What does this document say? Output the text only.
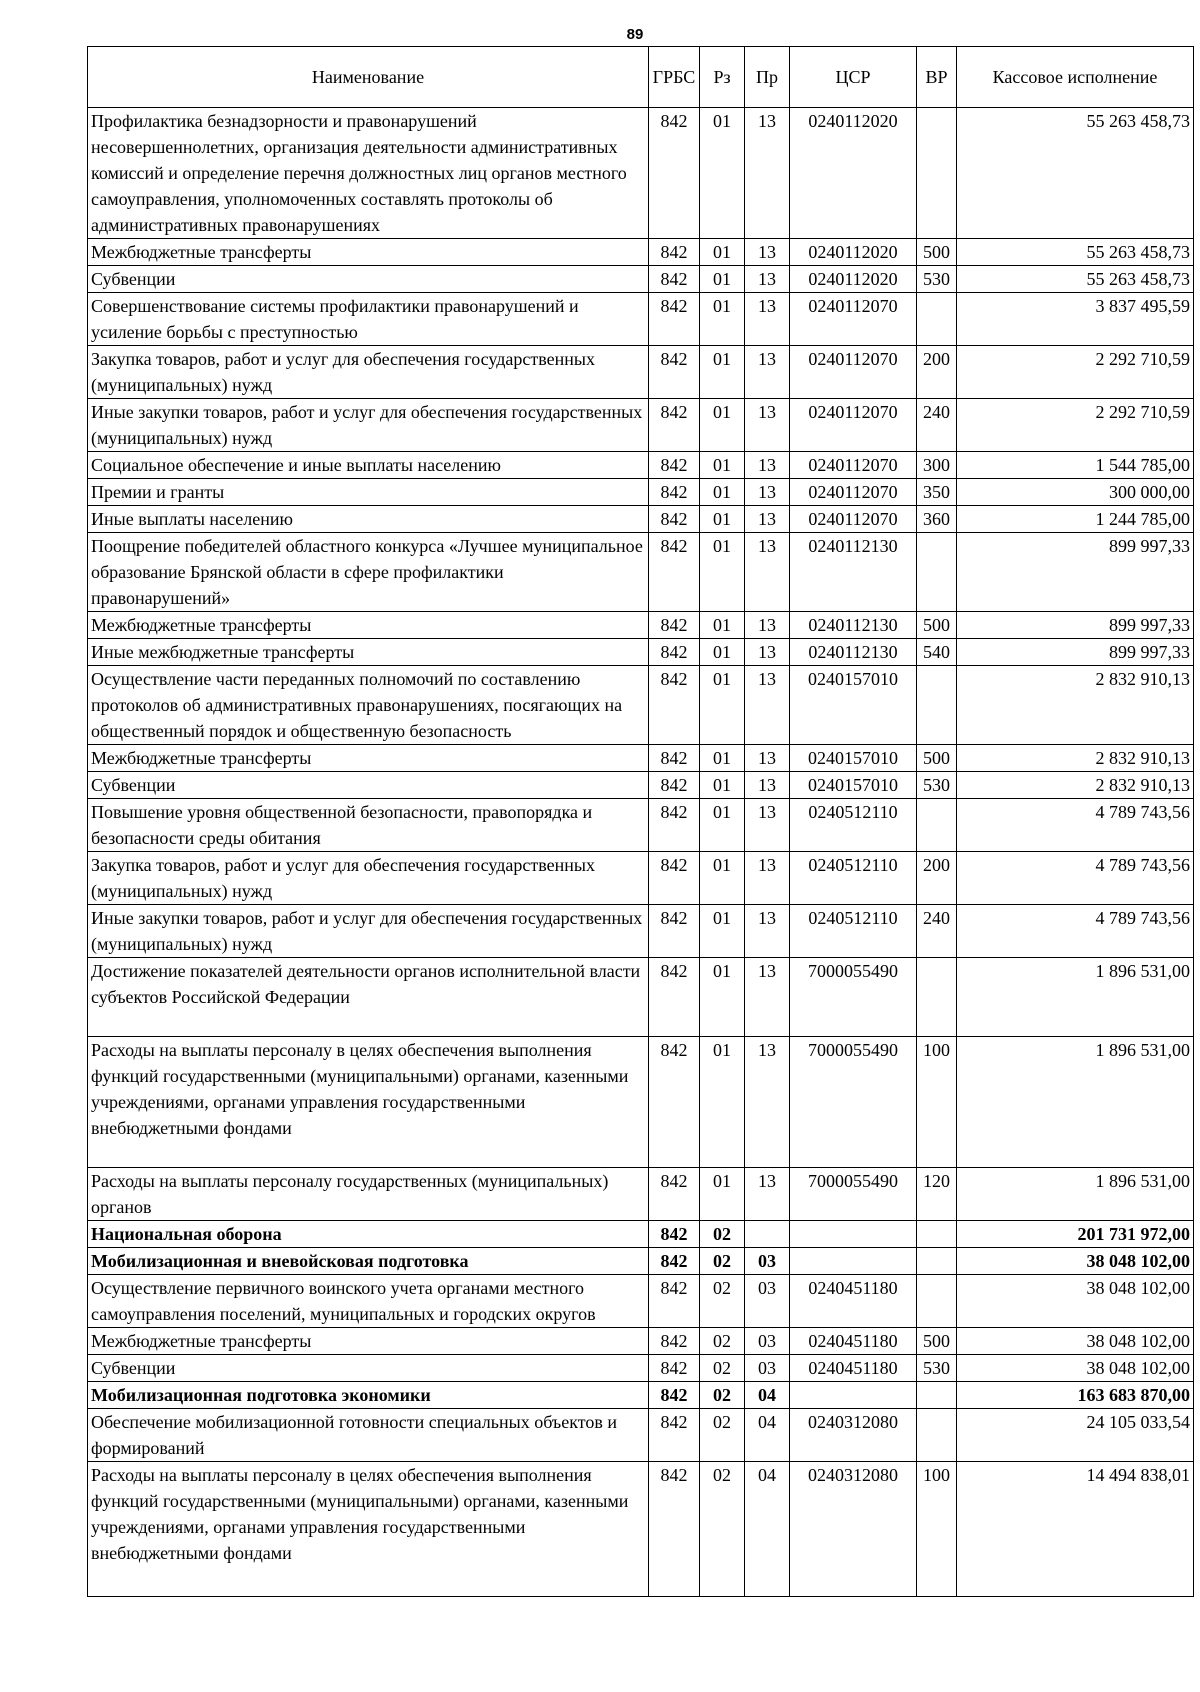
89
Наименование	ГРБС	Рз	Пр	ЦСР	ВР	Кассовое исполнение
Профилактика безнадзорности и правонарушений несовершеннолетних, организация деятельности административных комиссий и определение перечня должностных лиц органов местного самоуправления, уполномоченных составлять протоколы об административных правонарушениях	842	01	13	0240112020		55 263 458,73
Межбюджетные трансферты	842	01	13	0240112020	500	55 263 458,73
Субвенции	842	01	13	0240112020	530	55 263 458,73
Совершенствование системы профилактики правонарушений и усиление борьбы с преступностью	842	01	13	0240112070		3 837 495,59
Закупка товаров, работ и услуг для обеспечения государственных (муниципальных) нужд	842	01	13	0240112070	200	2 292 710,59
Иные закупки товаров, работ и услуг для обеспечения государственных (муниципальных) нужд	842	01	13	0240112070	240	2 292 710,59
Социальное обеспечение и иные выплаты населению	842	01	13	0240112070	300	1 544 785,00
Премии и гранты	842	01	13	0240112070	350	300 000,00
Иные выплаты населению	842	01	13	0240112070	360	1 244 785,00
Поощрение победителей областного конкурса «Лучшее муниципальное образование Брянской области в сфере профилактики правонарушений»	842	01	13	0240112130		899 997,33
Межбюджетные трансферты	842	01	13	0240112130	500	899 997,33
Иные межбюджетные трансферты	842	01	13	0240112130	540	899 997,33
Осуществление части переданных полномочий по составлению протоколов об административных правонарушениях, посягающих на общественный порядок и общественную безопасность	842	01	13	0240157010		2 832 910,13
Межбюджетные трансферты	842	01	13	0240157010	500	2 832 910,13
Субвенции	842	01	13	0240157010	530	2 832 910,13
Повышение уровня общественной безопасности, правопорядка и безопасности среды обитания	842	01	13	0240512110		4 789 743,56
Закупка товаров, работ и услуг для обеспечения государственных (муниципальных) нужд	842	01	13	0240512110	200	4 789 743,56
Иные закупки товаров, работ и услуг для обеспечения государственных (муниципальных) нужд	842	01	13	0240512110	240	4 789 743,56
Достижение показателей деятельности органов исполнительной власти субъектов Российской Федерации	842	01	13	7000055490		1 896 531,00
Расходы на выплаты персоналу в целях обеспечения выполнения функций государственными (муниципальными) органами, казенными учреждениями, органами управления государственными внебюджетными фондами	842	01	13	7000055490	100	1 896 531,00
Расходы на выплаты персоналу государственных (муниципальных) органов	842	01	13	7000055490	120	1 896 531,00
Национальная оборона	842	02				201 731 972,00
Мобилизационная и вневойсковая подготовка	842	02	03			38 048 102,00
Осуществление первичного воинского учета органами местного самоуправления поселений, муниципальных и городских округов	842	02	03	0240451180		38 048 102,00
Межбюджетные трансферты	842	02	03	0240451180	500	38 048 102,00
Субвенции	842	02	03	0240451180	530	38 048 102,00
Мобилизационная подготовка экономики	842	02	04			163 683 870,00
Обеспечение мобилизационной готовности специальных объектов и формирований	842	02	04	0240312080		24 105 033,54
Расходы на выплаты персоналу в целях обеспечения выполнения функций государственными (муниципальными) органами, казенными учреждениями, органами управления государственными внебюджетными фондами	842	02	04	0240312080	100	14 494 838,01
